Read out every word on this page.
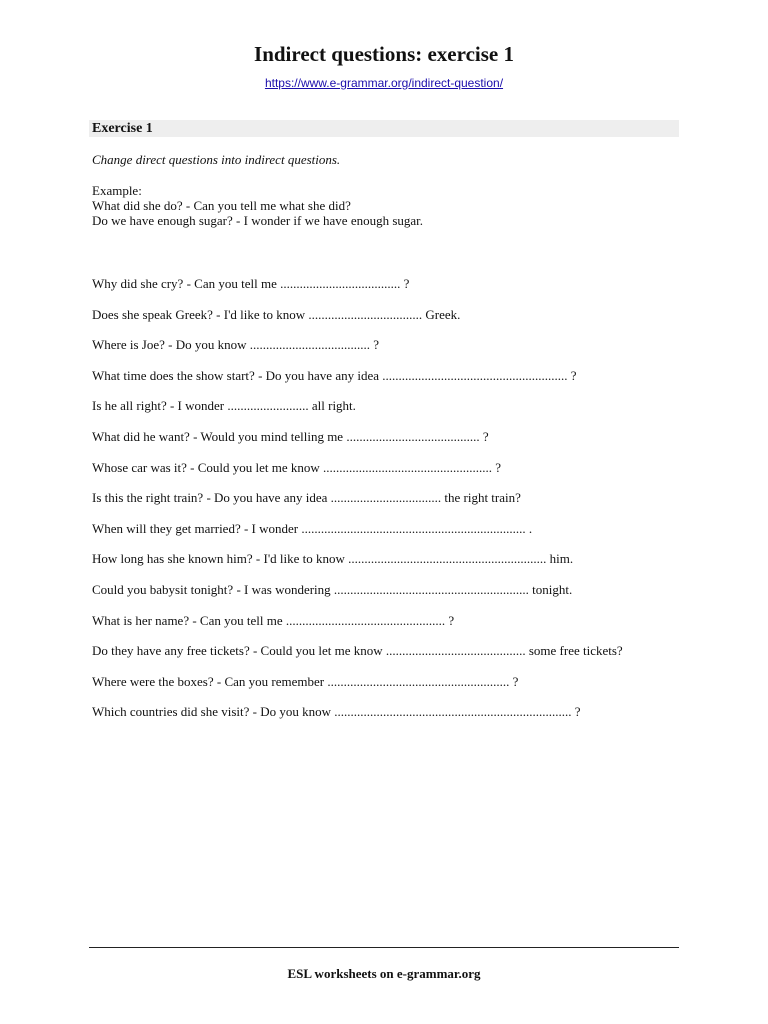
Indirect questions: exercise 1
https://www.e-grammar.org/indirect-question/
Exercise 1
Change direct questions into indirect questions.
Example:
What did she do? - Can you tell me what she did?
Do we have enough sugar? - I wonder if we have enough sugar.
Why did she cry? - Can you tell me ..................................... ?
Does she speak Greek? - I'd like to know ................................... Greek.
Where is Joe? - Do you know ..................................... ?
What time does the show start? - Do you have any idea ......................................................... ?
Is he all right? - I wonder ......................... all right.
What did he want? - Would you mind telling me ......................................... ?
Whose car was it? - Could you let me know .................................................... ?
Is this the right train? - Do you have any idea .................................. the right train?
When will they get married? - I wonder ..................................................................... .
How long has she known him? - I'd like to know ............................................................. him.
Could you babysit tonight? - I was wondering ............................................................ tonight.
What is her name? - Can you tell me ................................................. ?
Do they have any free tickets? - Could you let me know ........................................... some free tickets?
Where were the boxes? - Can you remember ........................................................ ?
Which countries did she visit? - Do you know ......................................................................... ?
ESL worksheets on e-grammar.org
